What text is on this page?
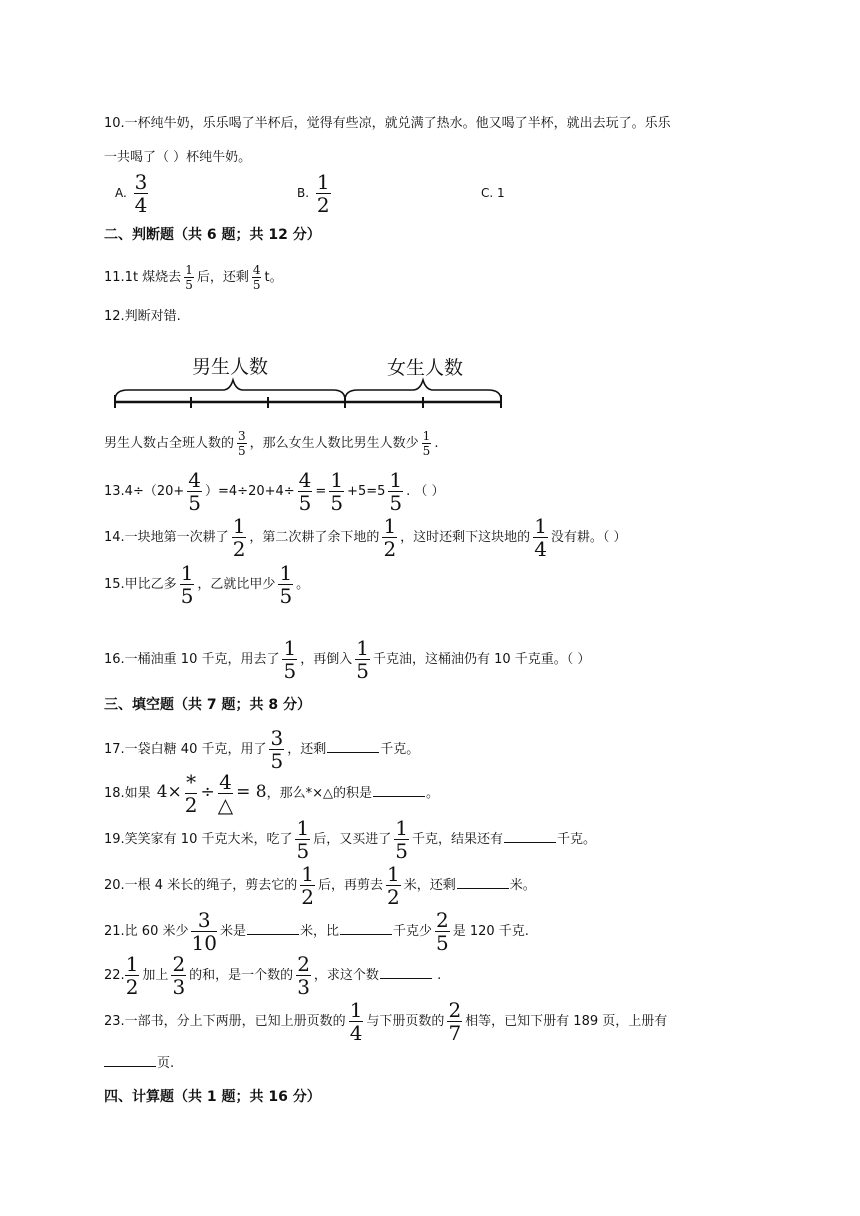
10.一杯纯牛奶，乐乐喝了半杯后，觉得有些凉，就兑满了热水。他又喝了半杯，就出去玩了。乐乐
一共喝了（ ）杯纯牛奶。
A. $\frac{3}{4}$	B. $\frac{1}{2}$	C. 1
二、判断题（共 6 题；共 12 分）
11.1t 煤烧去 $\frac{1}{5}$ 后，还剩 $\frac{4}{5}$ t。
12.判断对错.
男生人数	女生人数
男生人数占全班人数的 $\frac{3}{5}$ ，那么女生人数比男生人数少 $\frac{1}{5}$ .
$13.4\div(20+ \frac{4}{5} )=4\div 20+4\div \frac{4}{5} = \frac{1}{5} +5=5 \frac{1}{5}$ . （ ）
14.一块地第一次耕了 $\frac{1}{2}$ ，第二次耕了余下地的 $\frac{1}{2}$ ，这时还剩下这块地的 $\frac{1}{4}$ 没有耕。（ ）
15.甲比乙多 $\frac{1}{5}$ ，乙就比甲少 $\frac{1}{5}$ 。
16.一桶油重 10 千克，用去了 $\frac{1}{5}$ ，再倒入 $\frac{1}{5}$ 千克油，这桶油仍有 10 千克重。（ ）
三、填空题（共 7 题；共 8 分）
17.一袋白糖 40 千克，用了 $\frac{3}{5}$ ，还剩	千克。
18.如果 4× *
2
÷ 4
△
= 8，那么*×△的积是	。
19.笑笑家有 10 千克大米，吃了 $\frac{1}{5}$ 后，又买进了 $\frac{1}{5}$ 千克，结果还有	千克。
20.一根 4 米长的绳子，剪去它的 $\frac{1}{2}$ 后，再剪去 $\frac{1}{2}$ 米，还剩	米。
21.比 60 米少 $\frac{3}{10}$ 米是	米，比	千克少 $\frac{2}{5}$ 是 120 千克.
22. $\frac{1}{2}$ 加上 $\frac{2}{3}$ 的和，是一个数的 $\frac{2}{3}$ ，求这个数	.
23.一部书，分上下两册，已知上册页数的 $\frac{1}{4}$ 与下册页数的 $\frac{2}{7}$ 相等，已知下册有 189 页，上册有
页.
四、计算题（共 1 题；共 16 分）
